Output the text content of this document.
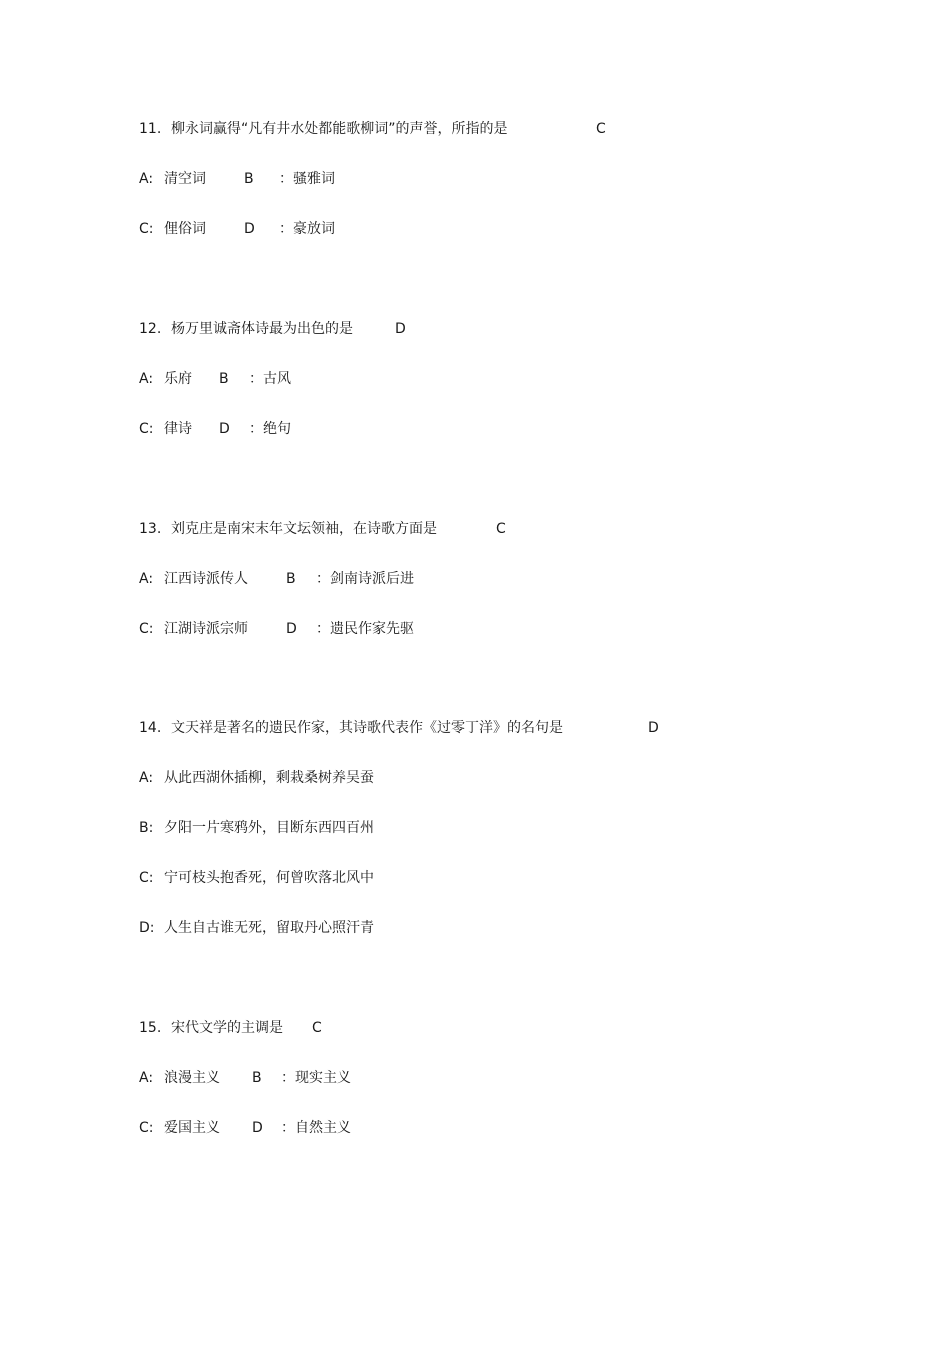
11. 柳永词赢得“凡有井水处都能歌柳词”的声誉，所指的是	C
A: 清空词	B ：骚雅词
C: 俚俗词	D ：豪放词
12. 杨万里诚斋体诗最为出色的是	D
A: 乐府 B ：古风
C: 律诗 D ：绝句
13. 刘克庄是南宋末年文坛领袖，在诗歌方面是	C
A: 江西诗派传人	B ：剑南诗派后进
C: 江湖诗派宗师	D ：遗民作家先驱
14. 文天祥是著名的遗民作家，其诗歌代表作《过零丁洋》的名句是	D
A: 从此西湖休插柳，剩栽桑树养吴蚕
B: 夕阳一片寒鸦外，目断东西四百州
C: 宁可枝头抱香死，何曾吹落北风中
D: 人生自古谁无死，留取丹心照汗青
15. 宋代文学的主调是 C
A: 浪漫主义 B ：现实主义
C: 爱国主义 D ：自然主义
